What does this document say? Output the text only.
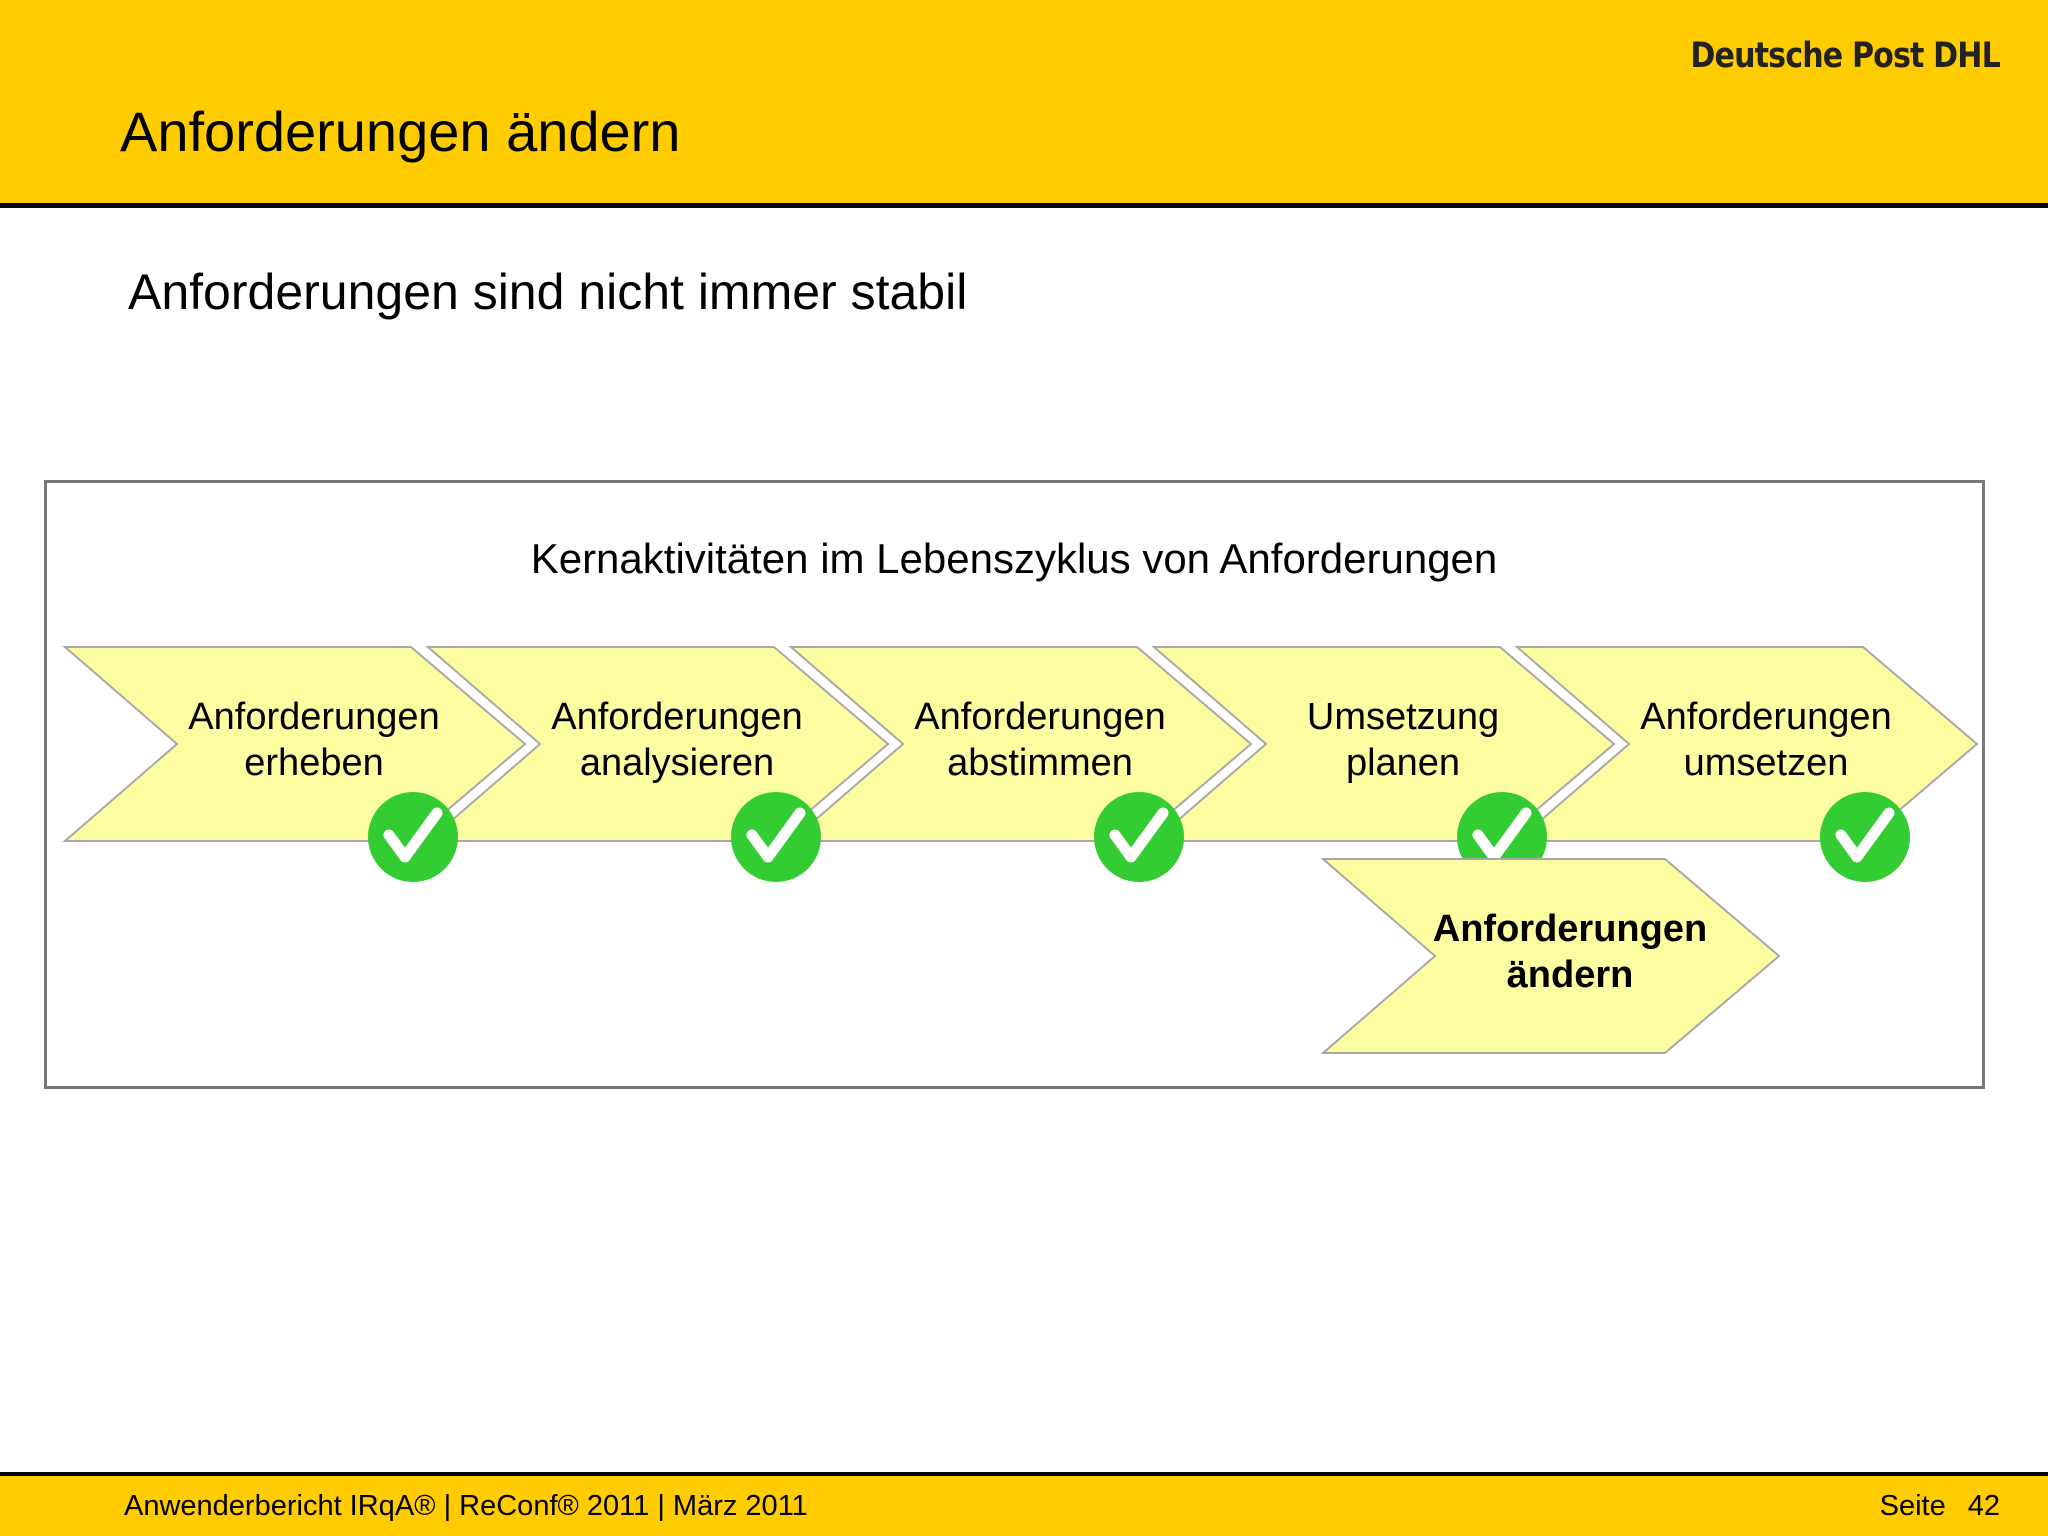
Anforderungen ändern
Deutsche Post DHL
Anforderungen sind nicht immer stabil
Kernaktivitäten im Lebenszyklus von Anforderungen
Anforderungen
erheben
Anforderungen
analysieren
Anforderungen
abstimmen
Umsetzung
planen
Anforderungen
umsetzen
Anforderungen
ändern
Anwenderbericht IRqA® | ReConf® 2011 | März 2011	Seite 42
